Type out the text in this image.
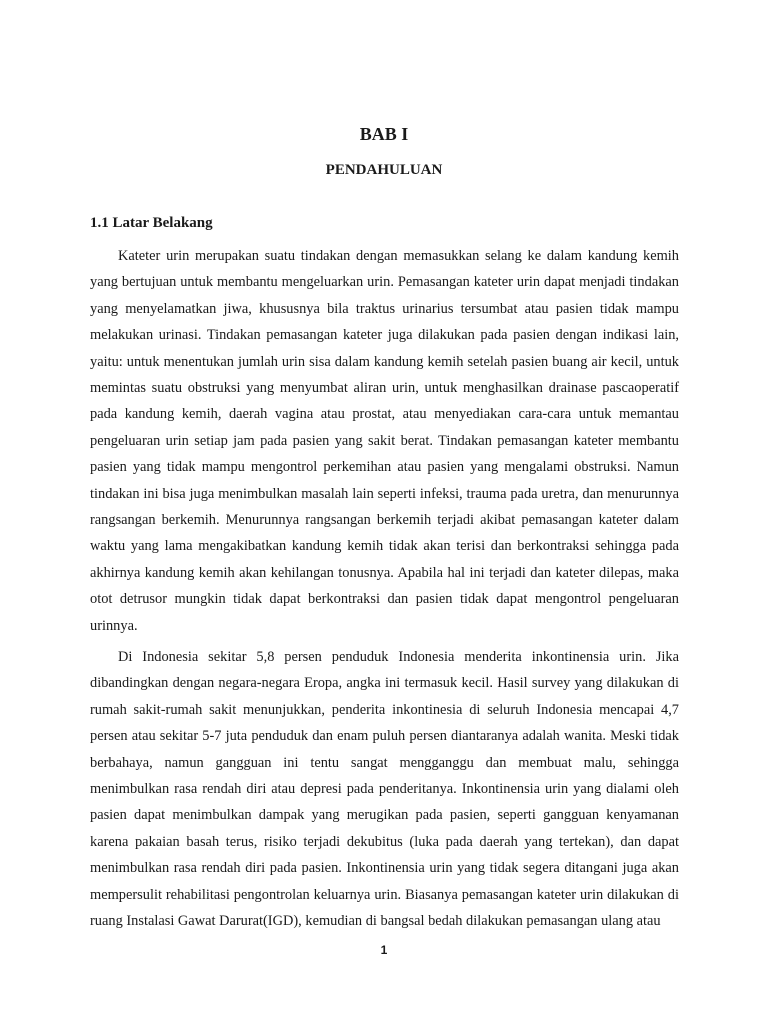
BAB I
PENDAHULUAN
1.1 Latar Belakang

Kateter urin merupakan suatu tindakan dengan memasukkan selang ke dalam kandung kemih yang bertujuan untuk membantu mengeluarkan urin. Pemasangan kateter urin dapat menjadi tindakan yang menyelamatkan jiwa, khususnya bila traktus urinarius tersumbat atau pasien tidak mampu melakukan urinasi. Tindakan pemasangan kateter juga dilakukan pada pasien dengan indikasi lain, yaitu: untuk menentukan jumlah urin sisa dalam kandung kemih setelah pasien buang air kecil, untuk memintas suatu obstruksi yang menyumbat aliran urin, untuk menghasilkan drainase pascaoperatif pada kandung kemih, daerah vagina atau prostat, atau menyediakan cara-cara untuk memantau pengeluaran urin setiap jam pada pasien yang sakit berat. Tindakan pemasangan kateter membantu pasien yang tidak mampu mengontrol perkemihan atau pasien yang mengalami obstruksi. Namun tindakan ini bisa juga menimbulkan masalah lain seperti infeksi, trauma pada uretra, dan menurunnya rangsangan berkemih. Menurunnya rangsangan berkemih terjadi akibat pemasangan kateter dalam waktu yang lama mengakibatkan kandung kemih tidak akan terisi dan berkontraksi sehingga pada akhirnya kandung kemih akan kehilangan tonusnya. Apabila hal ini terjadi dan kateter dilepas, maka otot detrusor mungkin tidak dapat berkontraksi dan pasien tidak dapat mengontrol pengeluaran urinnya.

Di Indonesia sekitar 5,8 persen penduduk Indonesia menderita inkontinensia urin. Jika dibandingkan dengan negara-negara Eropa, angka ini termasuk kecil. Hasil survey yang dilakukan di rumah sakit-rumah sakit menunjukkan, penderita inkontinesia di seluruh Indonesia mencapai 4,7 persen atau sekitar 5-7 juta penduduk dan enam puluh persen diantaranya adalah wanita. Meski tidak berbahaya, namun gangguan ini tentu sangat mengganggu dan membuat malu, sehingga menimbulkan rasa rendah diri atau depresi pada penderitanya. Inkontinensia urin yang dialami oleh pasien dapat menimbulkan dampak yang merugikan pada pasien, seperti gangguan kenyamanan karena pakaian basah terus, risiko terjadi dekubitus (luka pada daerah yang tertekan), dan dapat menimbulkan rasa rendah diri pada pasien. Inkontinensia urin yang tidak segera ditangani juga akan mempersulit rehabilitasi pengontrolan keluarnya urin. Biasanya pemasangan kateter urin dilakukan di ruang Instalasi Gawat Darurat(IGD), kemudian di bangsal bedah dilakukan pemasangan ulang atau

1
